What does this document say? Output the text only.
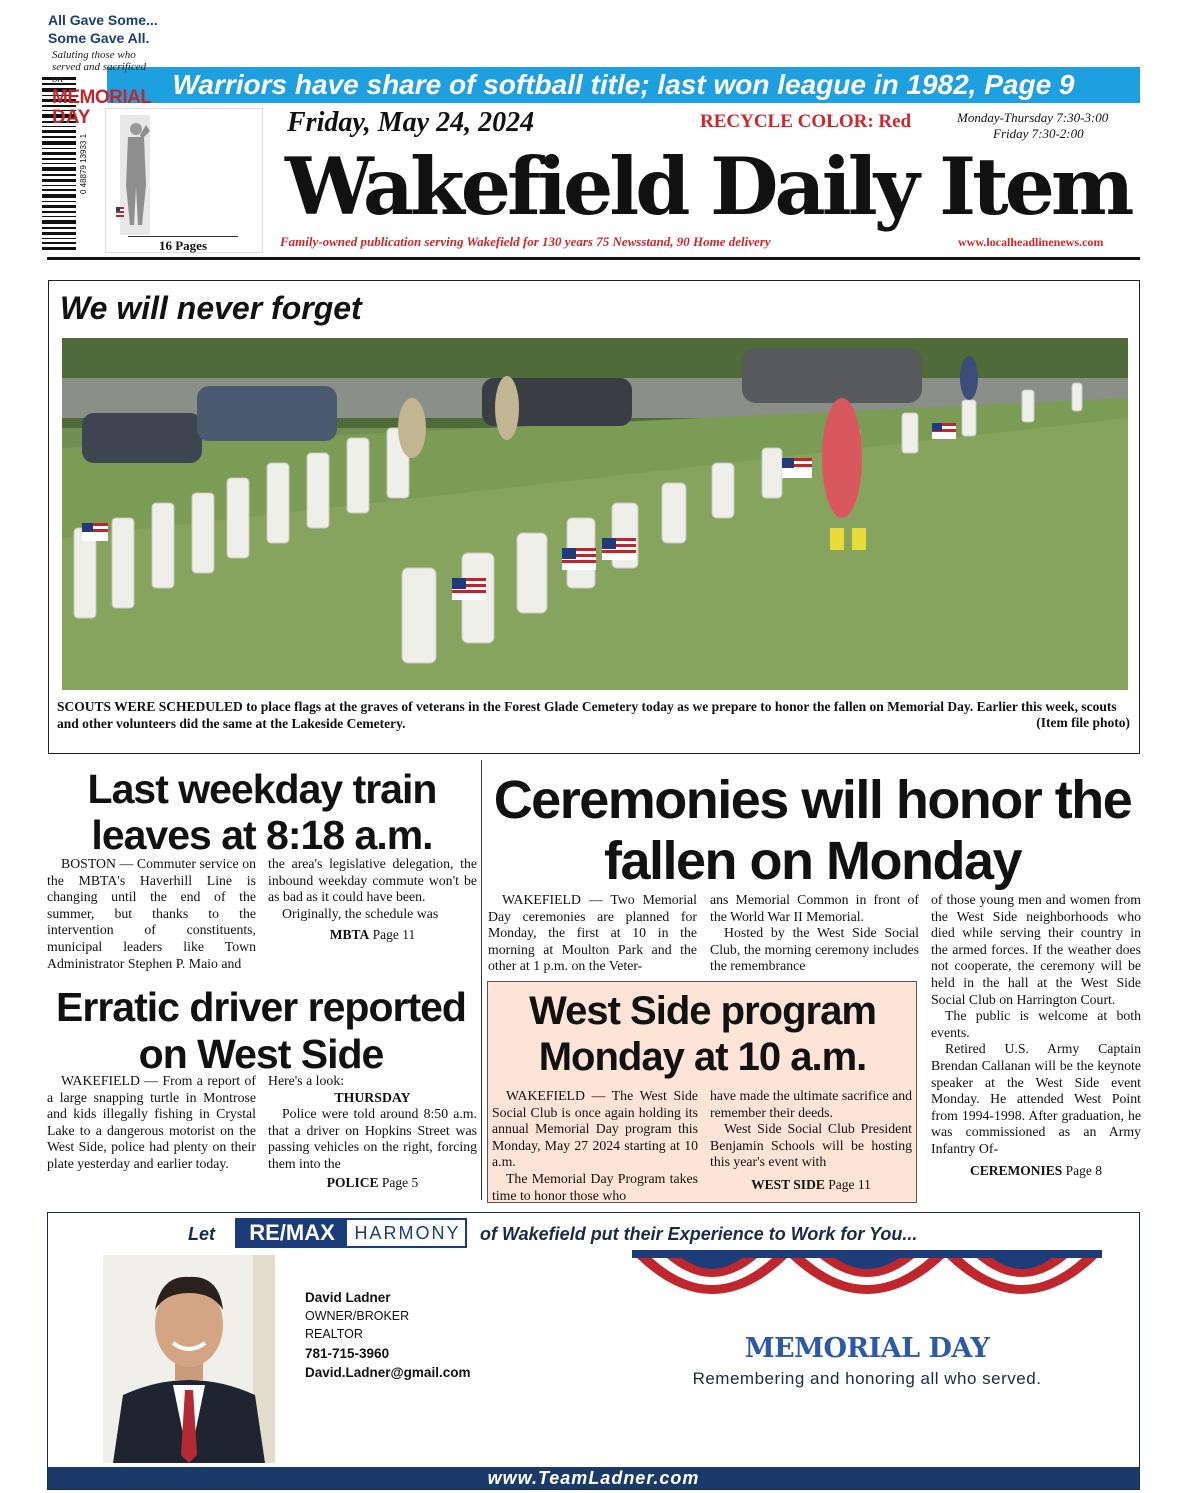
Warriors have share of softball title; last won league in 1982, Page 9
0 48879 13933 1
All Gave Some...
Some Gave All.
Saluting those who served and sacrificed on
MEMORIAL
DAY
16 Pages
Friday, May 24, 2024	RECYCLE COLOR: Red	Monday-Thursday 7:30-3:00
Friday 7:30-2:00
Wakefield Daily Item
Family-owned publication serving Wakefield for 130 years 75 Newsstand, 90 Home delivery	www.localheadlinenews.com
We will never forget
SCOUTS WERE SCHEDULED to place flags at the graves of veterans in the Forest Glade Cemetery today as we prepare to honor the fallen on Memorial Day. Earlier this week, scouts and other volunteers did the same at the Lakeside Cemetery.	(Item file photo)
Last weekday train leaves at 8:18 a.m.

BOSTON — Commuter service on the MBTA's Haverhill Line is changing until the end of the summer, but thanks to the intervention of constituents, municipal leaders like Town Administrator Stephen P. Maio and

the area's legislative delegation, the inbound weekday commute won't be as bad as it could have been.

Originally, the schedule was

MBTA Page 11
Erratic driver reported on West Side

WAKEFIELD — From a report of a large snapping turtle in Montrose and kids illegally fishing in Crystal Lake to a dangerous motorist on the West Side, police had plenty on their plate yesterday and earlier today.

Here's a look:

THURSDAY

Police were told around 8:50 a.m. that a driver on Hopkins Street was passing vehicles on the right, forcing them into the

POLICE Page 5
Ceremonies will honor the fallen on Monday

WAKEFIELD — Two Memorial Day ceremonies are planned for Monday, the first at 10 in the morning at Moulton Park and the other at 1 p.m. on the Veter-

ans Memorial Common in front of the World War II Memorial.

Hosted by the West Side Social Club, the morning ceremony includes the remembrance

of those young men and women from the West Side neighborhoods who died while serving their country in the armed forces. If the weather does not cooperate, the ceremony will be held in the hall at the West Side Social Club on Harrington Court.

The public is welcome at both events.

Retired U.S. Army Captain Brendan Callanan will be the keynote speaker at the West Side event Monday. He attended West Point from 1994-1998. After graduation, he was commissioned as an Army Infantry Of-

CEREMONIES Page 8
West Side program Monday at 10 a.m.

WAKEFIELD — The West Side Social Club is once again holding its annual Memorial Day program this Monday, May 27 2024 starting at 10 a.m.

The Memorial Day Program takes time to honor those who

have made the ultimate sacrifice and remember their deeds.

West Side Social Club President Benjamin Schools will be hosting this year's event with

WEST SIDE Page 11
Let	RE/MAX	HARMONY of Wakefield put their Experience to Work for You...
David Ladner
OWNER/BROKER
REALTOR
781-715-3960
David.Ladner@gmail.com
MEMORIAL DAY
Remembering and honoring all who served.
www.TeamLadner.com
